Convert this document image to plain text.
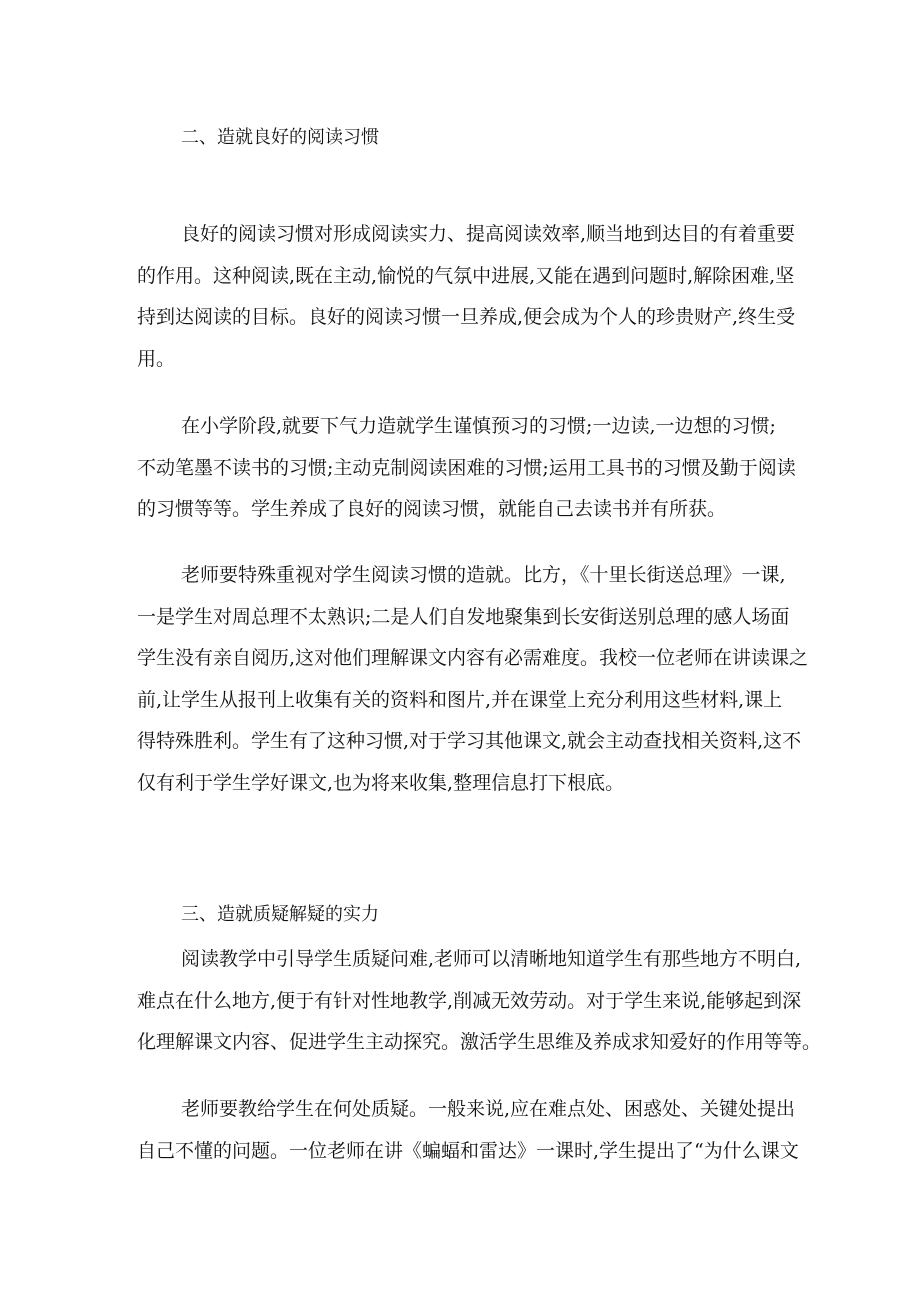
二、造就良好的阅读习惯
良好的阅读习惯对形成阅读实力、提高阅读效率,顺当地到达目的有着重要
的作用。这种阅读,既在主动,愉悦的气氛中进展,又能在遇到问题时,解除困难,坚
持到达阅读的目标。良好的阅读习惯一旦养成,便会成为个人的珍贵财产,终生受
用。
在小学阶段,就要下气力造就学生谨慎预习的习惯;一边读,一边想的习惯;
不动笔墨不读书的习惯;主动克制阅读困难的习惯;运用工具书的习惯及勤于阅读
的习惯等等。学生养成了良好的阅读习惯，就能自己去读书并有所获。
老师要特殊重视对学生阅读习惯的造就。比方，《十里长街送总理》一课,
一是学生对周总理不太熟识;二是人们自发地聚集到长安街送别总理的感人场面
学生没有亲自阅历,这对他们理解课文内容有必需难度。我校一位老师在讲读课之
前,让学生从报刊上收集有关的资料和图片,并在课堂上充分利用这些材料,课上
得特殊胜利。学生有了这种习惯,对于学习其他课文,就会主动查找相关资料,这不
仅有利于学生学好课文,也为将来收集,整理信息打下根底。
三、造就质疑解疑的实力
阅读教学中引导学生质疑问难,老师可以清晰地知道学生有那些地方不明白,
难点在什么地方,便于有针对性地教学,削减无效劳动。对于学生来说,能够起到深
化理解课文内容、促进学生主动探究。激活学生思维及养成求知爱好的作用等等。
老师要教给学生在何处质疑。一般来说,应在难点处、困惑处、关键处提出
自己不懂的问题。一位老师在讲《蝙蝠和雷达》一课时,学生提出了“为什么课文
